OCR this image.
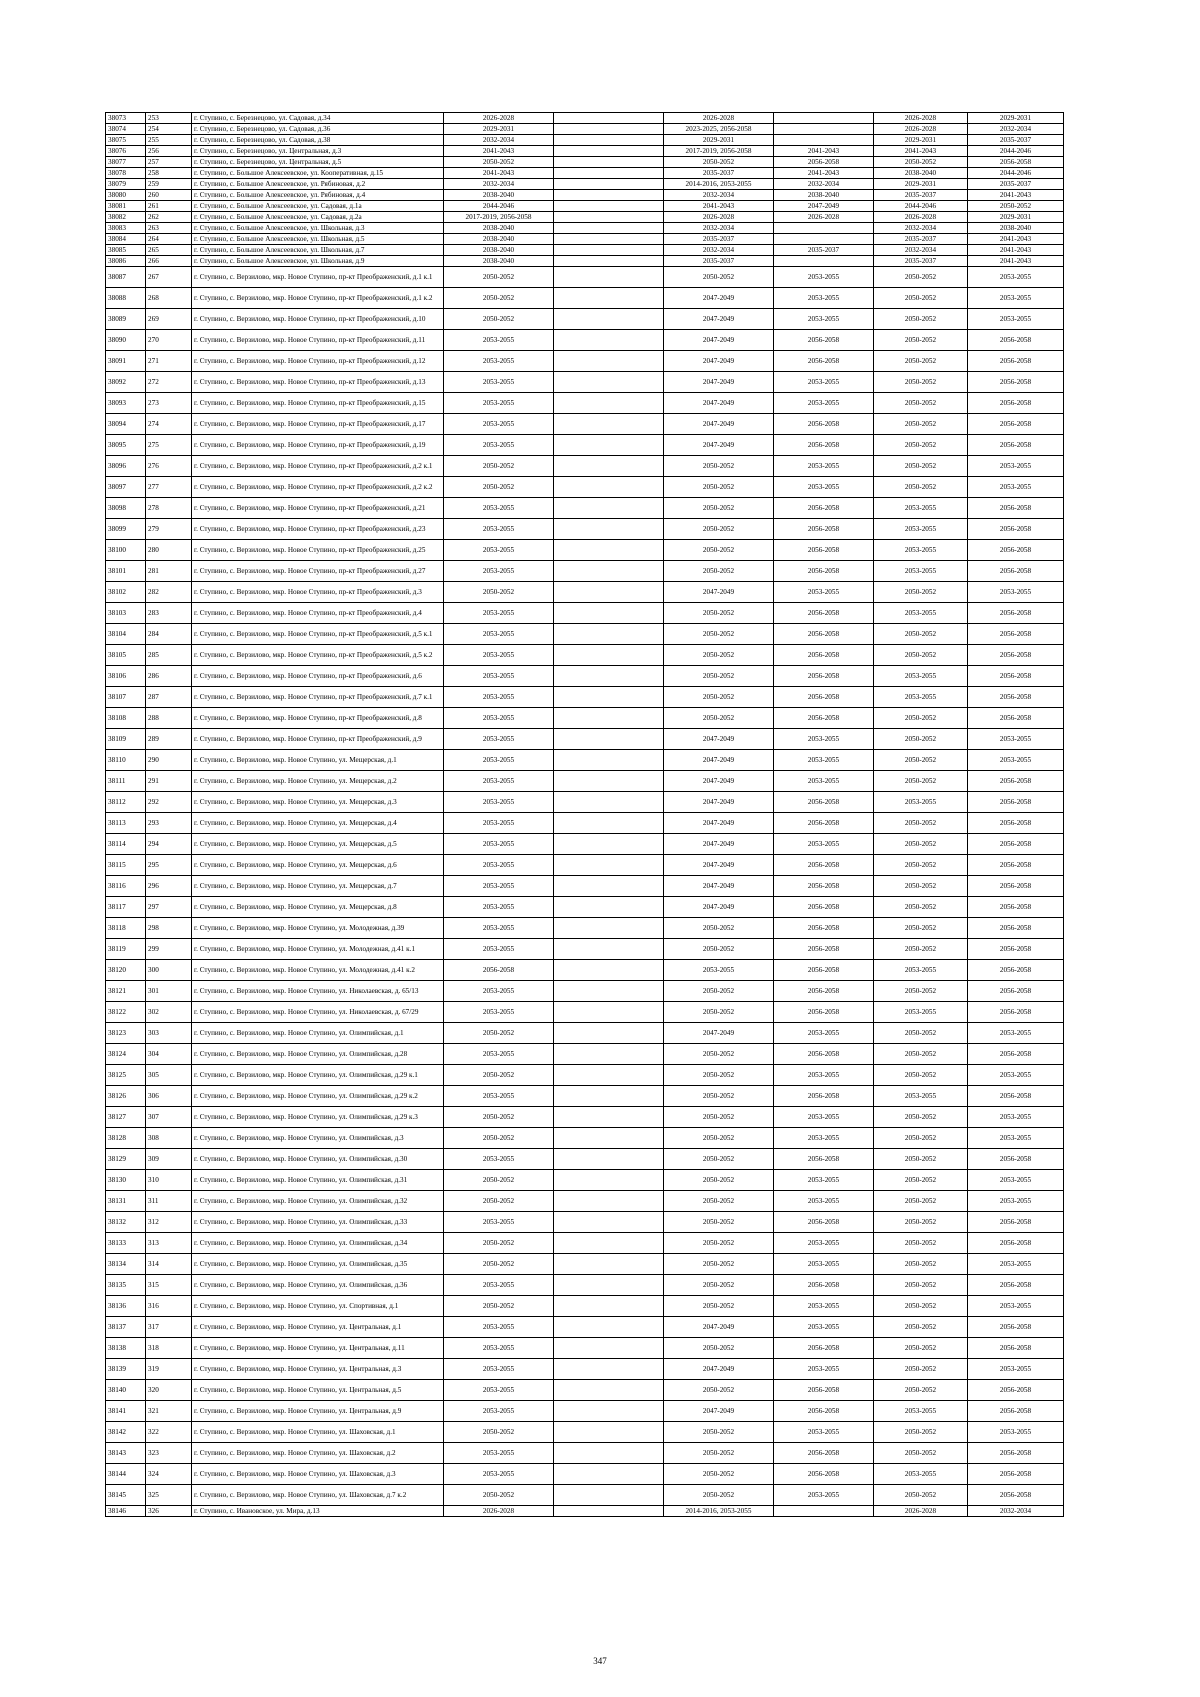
38073	253	г. Ступино, с. Березнецово, ул. Садовая, д.34	2026-2028		2026-2028		2026-2028	2029-2031
38074	254	г. Ступино, с. Березнецово, ул. Садовая, д.36	2029-2031		2023-2025, 2056-2058		2026-2028	2032-2034
38075	255	г. Ступино, с. Березнецово, ул. Садовая, д.38	2032-2034		2029-2031		2029-2031	2035-2037
38076	256	г. Ступино, с. Березнецово, ул. Центральная, д.3	2041-2043		2017-2019, 2056-2058	2041-2043	2041-2043	2044-2046
38077	257	г. Ступино, с. Березнецово, ул. Центральная, д.5	2050-2052		2050-2052	2056-2058	2050-2052	2056-2058
38078	258	г. Ступино, с. Большое Алексеевское, ул. Кооперативная, д.15	2041-2043		2035-2037	2041-2043	2038-2040	2044-2046
38079	259	г. Ступино, с. Большое Алексеевское, ул. Рябиновая, д.2	2032-2034		2014-2016, 2053-2055	2032-2034	2029-2031	2035-2037
38080	260	г. Ступино, с. Большое Алексеевское, ул. Рябиновая, д.4	2038-2040		2032-2034	2038-2040	2035-2037	2041-2043
38081	261	г. Ступино, с. Большое Алексеевское, ул. Садовая, д.1а	2044-2046		2041-2043	2047-2049	2044-2046	2050-2052
38082	262	г. Ступино, с. Большое Алексеевское, ул. Садовая, д.2а	2017-2019, 2056-2058		2026-2028	2026-2028	2026-2028	2029-2031
38083	263	г. Ступино, с. Большое Алексеевское, ул. Школьная, д.3	2038-2040		2032-2034		2032-2034	2038-2040
38084	264	г. Ступино, с. Большое Алексеевское, ул. Школьная, д.5	2038-2040		2035-2037		2035-2037	2041-2043
38085	265	г. Ступино, с. Большое Алексеевское, ул. Школьная, д.7	2038-2040		2032-2034	2035-2037	2032-2034	2041-2043
38086	266	г. Ступино, с. Большое Алексеевское, ул. Школьная, д.9	2038-2040		2035-2037		2035-2037	2041-2043
38087	267	г. Ступино, с. Верзилово, мкр. Новое Ступино, пр-кт Преображенский, д.1 к.1	2050-2052		2050-2052	2053-2055	2050-2052	2053-2055
38088	268	г. Ступино, с. Верзилово, мкр. Новое Ступино, пр-кт Преображенский, д.1 к.2	2050-2052		2047-2049	2053-2055	2050-2052	2053-2055
38089	269	г. Ступино, с. Верзилово, мкр. Новое Ступино, пр-кт Преображенский, д.10	2050-2052		2047-2049	2053-2055	2050-2052	2053-2055
38090	270	г. Ступино, с. Верзилово, мкр. Новое Ступино, пр-кт Преображенский, д.11	2053-2055		2047-2049	2056-2058	2050-2052	2056-2058
38091	271	г. Ступино, с. Верзилово, мкр. Новое Ступино, пр-кт Преображенский, д.12	2053-2055		2047-2049	2056-2058	2050-2052	2056-2058
38092	272	г. Ступино, с. Верзилово, мкр. Новое Ступино, пр-кт Преображенский, д.13	2053-2055		2047-2049	2053-2055	2050-2052	2056-2058
38093	273	г. Ступино, с. Верзилово, мкр. Новое Ступино, пр-кт Преображенский, д.15	2053-2055		2047-2049	2053-2055	2050-2052	2056-2058
38094	274	г. Ступино, с. Верзилово, мкр. Новое Ступино, пр-кт Преображенский, д.17	2053-2055		2047-2049	2056-2058	2050-2052	2056-2058
38095	275	г. Ступино, с. Верзилово, мкр. Новое Ступино, пр-кт Преображенский, д.19	2053-2055		2047-2049	2056-2058	2050-2052	2056-2058
38096	276	г. Ступино, с. Верзилово, мкр. Новое Ступино, пр-кт Преображенский, д.2 к.1	2050-2052		2050-2052	2053-2055	2050-2052	2053-2055
38097	277	г. Ступино, с. Верзилово, мкр. Новое Ступино, пр-кт Преображенский, д.2 к.2	2050-2052		2050-2052	2053-2055	2050-2052	2053-2055
38098	278	г. Ступино, с. Верзилово, мкр. Новое Ступино, пр-кт Преображенский, д.21	2053-2055		2050-2052	2056-2058	2053-2055	2056-2058
38099	279	г. Ступино, с. Верзилово, мкр. Новое Ступино, пр-кт Преображенский, д.23	2053-2055		2050-2052	2056-2058	2053-2055	2056-2058
38100	280	г. Ступино, с. Верзилово, мкр. Новое Ступино, пр-кт Преображенский, д.25	2053-2055		2050-2052	2056-2058	2053-2055	2056-2058
38101	281	г. Ступино, с. Верзилово, мкр. Новое Ступино, пр-кт Преображенский, д.27	2053-2055		2050-2052	2056-2058	2053-2055	2056-2058
38102	282	г. Ступино, с. Верзилово, мкр. Новое Ступино, пр-кт Преображенский, д.3	2050-2052		2047-2049	2053-2055	2050-2052	2053-2055
38103	283	г. Ступино, с. Верзилово, мкр. Новое Ступино, пр-кт Преображенский, д.4	2053-2055		2050-2052	2056-2058	2053-2055	2056-2058
38104	284	г. Ступино, с. Верзилово, мкр. Новое Ступино, пр-кт Преображенский, д.5 к.1	2053-2055		2050-2052	2056-2058	2050-2052	2056-2058
38105	285	г. Ступино, с. Верзилово, мкр. Новое Ступино, пр-кт Преображенский, д.5 к.2	2053-2055		2050-2052	2056-2058	2050-2052	2056-2058
38106	286	г. Ступино, с. Верзилово, мкр. Новое Ступино, пр-кт Преображенский, д.6	2053-2055		2050-2052	2056-2058	2053-2055	2056-2058
38107	287	г. Ступино, с. Верзилово, мкр. Новое Ступино, пр-кт Преображенский, д.7 к.1	2053-2055		2050-2052	2056-2058	2053-2055	2056-2058
38108	288	г. Ступино, с. Верзилово, мкр. Новое Ступино, пр-кт Преображенский, д.8	2053-2055		2050-2052	2056-2058	2050-2052	2056-2058
38109	289	г. Ступино, с. Верзилово, мкр. Новое Ступино, пр-кт Преображенский, д.9	2053-2055		2047-2049	2053-2055	2050-2052	2053-2055
38110	290	г. Ступино, с. Верзилово, мкр. Новое Ступино, ул. Мещерская, д.1	2053-2055		2047-2049	2053-2055	2050-2052	2053-2055
38111	291	г. Ступино, с. Верзилово, мкр. Новое Ступино, ул. Мещерская, д.2	2053-2055		2047-2049	2053-2055	2050-2052	2056-2058
38112	292	г. Ступино, с. Верзилово, мкр. Новое Ступино, ул. Мещерская, д.3	2053-2055		2047-2049	2056-2058	2053-2055	2056-2058
38113	293	г. Ступино, с. Верзилово, мкр. Новое Ступино, ул. Мещерская, д.4	2053-2055		2047-2049	2056-2058	2050-2052	2056-2058
38114	294	г. Ступино, с. Верзилово, мкр. Новое Ступино, ул. Мещерская, д.5	2053-2055		2047-2049	2053-2055	2050-2052	2056-2058
38115	295	г. Ступино, с. Верзилово, мкр. Новое Ступино, ул. Мещерская, д.6	2053-2055		2047-2049	2056-2058	2050-2052	2056-2058
38116	296	г. Ступино, с. Верзилово, мкр. Новое Ступино, ул. Мещерская, д.7	2053-2055		2047-2049	2056-2058	2050-2052	2056-2058
38117	297	г. Ступино, с. Верзилово, мкр. Новое Ступино, ул. Мещерская, д.8	2053-2055		2047-2049	2056-2058	2050-2052	2056-2058
38118	298	г. Ступино, с. Верзилово, мкр. Новое Ступино, ул. Молодежная, д.39	2053-2055		2050-2052	2056-2058	2050-2052	2056-2058
38119	299	г. Ступино, с. Верзилово, мкр. Новое Ступино, ул. Молодежная, д.41 к.1	2053-2055		2050-2052	2056-2058	2050-2052	2056-2058
38120	300	г. Ступино, с. Верзилово, мкр. Новое Ступино, ул. Молодежная, д.41 к.2	2056-2058		2053-2055	2056-2058	2053-2055	2056-2058
38121	301	г. Ступино, с. Верзилово, мкр. Новое Ступино, ул. Николаевская, д. 65/13	2053-2055		2050-2052	2056-2058	2050-2052	2056-2058
38122	302	г. Ступино, с. Верзилово, мкр. Новое Ступино, ул. Николаевская, д. 67/29	2053-2055		2050-2052	2056-2058	2053-2055	2056-2058
38123	303	г. Ступино, с. Верзилово, мкр. Новое Ступино, ул. Олимпийская, д.1	2050-2052		2047-2049	2053-2055	2050-2052	2053-2055
38124	304	г. Ступино, с. Верзилово, мкр. Новое Ступино, ул. Олимпийская, д.28	2053-2055		2050-2052	2056-2058	2050-2052	2056-2058
38125	305	г. Ступино, с. Верзилово, мкр. Новое Ступино, ул. Олимпийская, д.29 к.1	2050-2052		2050-2052	2053-2055	2050-2052	2053-2055
38126	306	г. Ступино, с. Верзилово, мкр. Новое Ступино, ул. Олимпийская, д.29 к.2	2053-2055		2050-2052	2056-2058	2053-2055	2056-2058
38127	307	г. Ступино, с. Верзилово, мкр. Новое Ступино, ул. Олимпийская, д.29 к.3	2050-2052		2050-2052	2053-2055	2050-2052	2053-2055
38128	308	г. Ступино, с. Верзилово, мкр. Новое Ступино, ул. Олимпийская, д.3	2050-2052		2050-2052	2053-2055	2050-2052	2053-2055
38129	309	г. Ступино, с. Верзилово, мкр. Новое Ступино, ул. Олимпийская, д.30	2053-2055		2050-2052	2056-2058	2050-2052	2056-2058
38130	310	г. Ступино, с. Верзилово, мкр. Новое Ступино, ул. Олимпийская, д.31	2050-2052		2050-2052	2053-2055	2050-2052	2053-2055
38131	311	г. Ступино, с. Верзилово, мкр. Новое Ступино, ул. Олимпийская, д.32	2050-2052		2050-2052	2053-2055	2050-2052	2053-2055
38132	312	г. Ступино, с. Верзилово, мкр. Новое Ступино, ул. Олимпийская, д.33	2053-2055		2050-2052	2056-2058	2050-2052	2056-2058
38133	313	г. Ступино, с. Верзилово, мкр. Новое Ступино, ул. Олимпийская, д.34	2050-2052		2050-2052	2053-2055	2050-2052	2056-2058
38134	314	г. Ступино, с. Верзилово, мкр. Новое Ступино, ул. Олимпийская, д.35	2050-2052		2050-2052	2053-2055	2050-2052	2053-2055
38135	315	г. Ступино, с. Верзилово, мкр. Новое Ступино, ул. Олимпийская, д.36	2053-2055		2050-2052	2056-2058	2050-2052	2056-2058
38136	316	г. Ступино, с. Верзилово, мкр. Новое Ступино, ул. Спортивная, д.1	2050-2052		2050-2052	2053-2055	2050-2052	2053-2055
38137	317	г. Ступино, с. Верзилово, мкр. Новое Ступино, ул. Центральная, д.1	2053-2055		2047-2049	2053-2055	2050-2052	2056-2058
38138	318	г. Ступино, с. Верзилово, мкр. Новое Ступино, ул. Центральная, д.11	2053-2055		2050-2052	2056-2058	2050-2052	2056-2058
38139	319	г. Ступино, с. Верзилово, мкр. Новое Ступино, ул. Центральная, д.3	2053-2055		2047-2049	2053-2055	2050-2052	2053-2055
38140	320	г. Ступино, с. Верзилово, мкр. Новое Ступино, ул. Центральная, д.5	2053-2055		2050-2052	2056-2058	2050-2052	2056-2058
38141	321	г. Ступино, с. Верзилово, мкр. Новое Ступино, ул. Центральная, д.9	2053-2055		2047-2049	2056-2058	2053-2055	2056-2058
38142	322	г. Ступино, с. Верзилово, мкр. Новое Ступино, ул. Шаховская, д.1	2050-2052		2050-2052	2053-2055	2050-2052	2053-2055
38143	323	г. Ступино, с. Верзилово, мкр. Новое Ступино, ул. Шаховская, д.2	2053-2055		2050-2052	2056-2058	2050-2052	2056-2058
38144	324	г. Ступино, с. Верзилово, мкр. Новое Ступино, ул. Шаховская, д.3	2053-2055		2050-2052	2056-2058	2053-2055	2056-2058
38145	325	г. Ступино, с. Верзилово, мкр. Новое Ступино, ул. Шаховская, д.7 к.2	2050-2052		2050-2052	2053-2055	2050-2052	2056-2058
38146	326	г. Ступино, с. Ивановское, ул. Мира, д.13	2026-2028		2014-2016, 2053-2055		2026-2028	2032-2034
347
